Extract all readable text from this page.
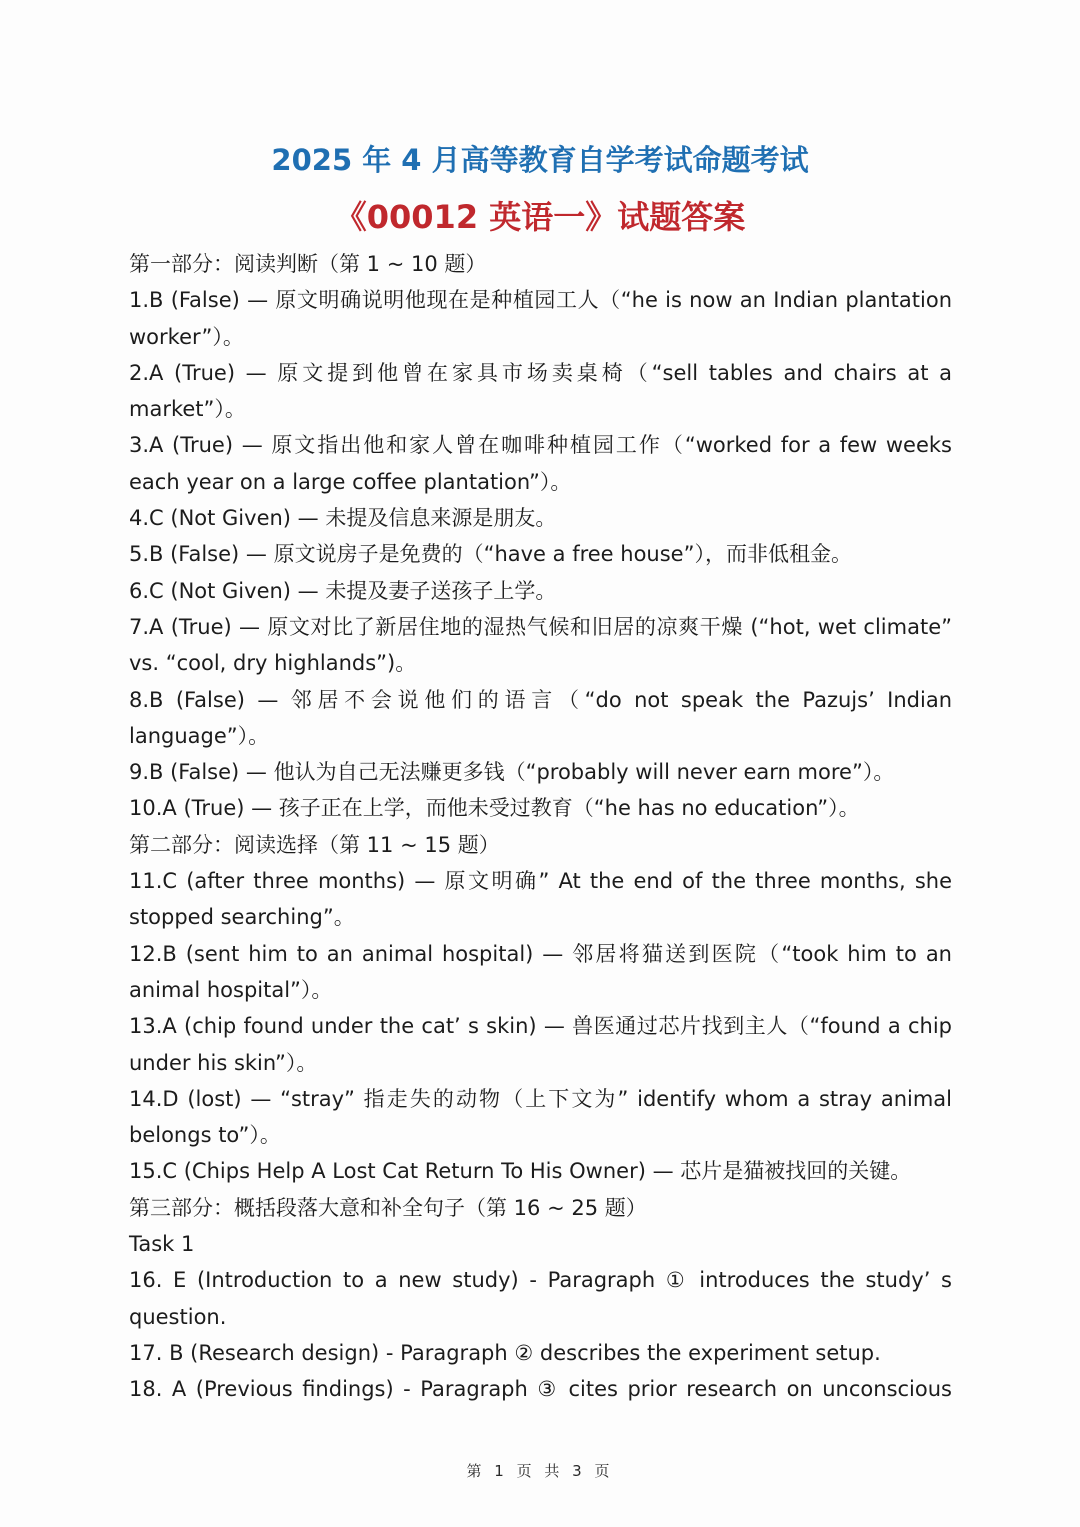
2025 年 4 月高等教育自学考试命题考试
《00012 英语一》试题答案
第一部分：阅读判断（第 1 ~ 10 题）
1.B (False) — 原文明确说明他现在是种植园工人（“he is now an Indian plantation
worker”）。
2.A (True) — 原文提到他曾在家具市场卖桌椅（“sell tables and chairs at a
market”）。
3.A (True) — 原文指出他和家人曾在咖啡种植园工作（“worked for a few weeks
each year on a large coffee plantation”）。
4.C (Not Given) — 未提及信息来源是朋友。
5.B (False) — 原文说房子是免费的（“have a free house”），而非低租金。
6.C (Not Given) — 未提及妻子送孩子上学。
7.A (True) — 原文对比了新居住地的湿热气候和旧居的凉爽干燥 (“hot, wet climate”
vs. “cool, dry highlands”)。
8.B (False) — 邻居不会说他们的语言（“do not speak the Pazujs’ Indian
language”）。
9.B (False) — 他认为自己无法赚更多钱（“probably will never earn more”）。
10.A (True) — 孩子正在上学，而他未受过教育（“he has no education”）。
第二部分：阅读选择（第 11 ~ 15 题）
11.C (after three months) — 原文明确” At the end of the three months, she
stopped searching”。
12.B (sent him to an animal hospital) — 邻居将猫送到医院（“took him to an
animal hospital”）。
13.A (chip found under the cat’ s skin) — 兽医通过芯片找到主人（“found a chip
under his skin”）。
14.D (lost) — “stray” 指走失的动物（上下文为” identify whom a stray animal
belongs to”）。
15.C (Chips Help A Lost Cat Return To His Owner) — 芯片是猫被找回的关键。
第三部分：概括段落大意和补全句子（第 16 ~ 25 题）
Task 1
16. E (Introduction to a new study) - Paragraph ① introduces the study’ s
question.
17. B (Research design) - Paragraph ② describes the experiment setup.
18. A (Previous findings) - Paragraph ③ cites prior research on unconscious
第 1 页 共 3 页
